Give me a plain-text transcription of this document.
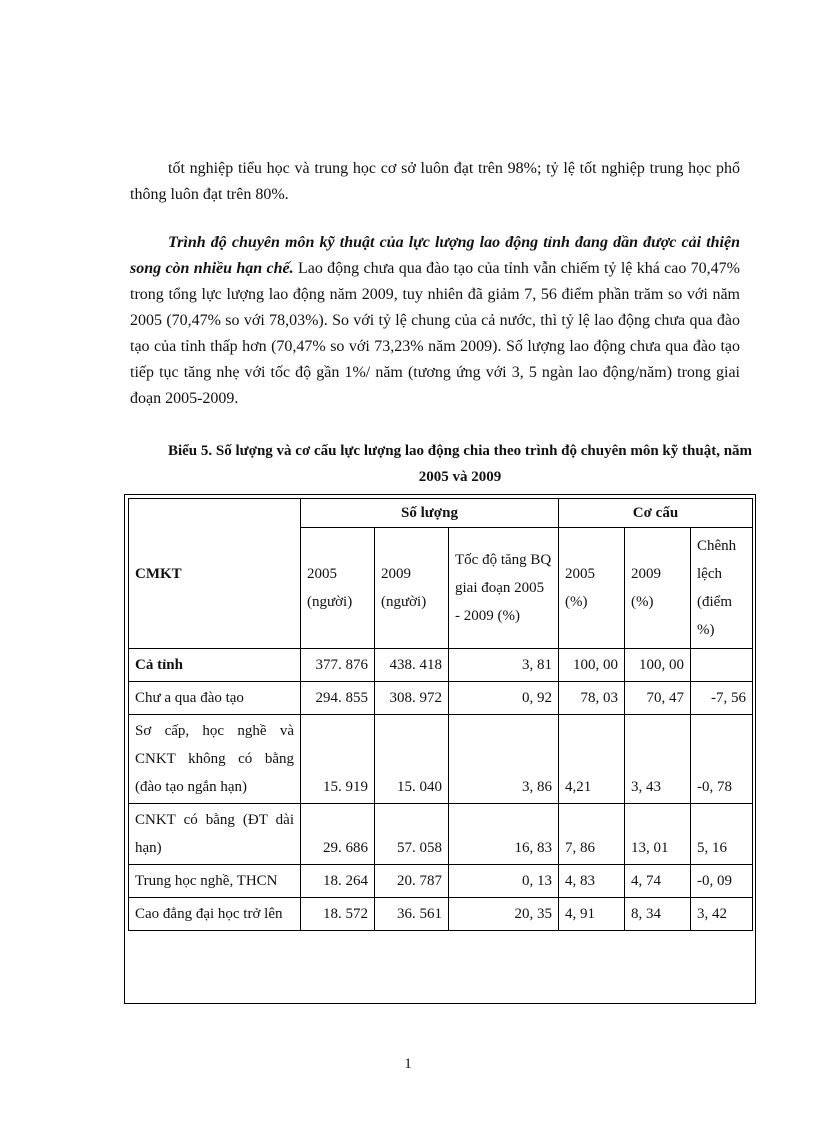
tốt nghiệp tiểu học và trung học cơ sở luôn đạt trên 98%; tỷ lệ tốt nghiệp trung học phổ thông luôn đạt trên 80%.
Trình độ chuyên môn kỹ thuật của lực lượng lao động tỉnh đang dần được cải thiện song còn nhiều hạn chế. Lao động chưa qua đào tạo của tỉnh vẫn chiếm tỷ lệ khá cao 70,47% trong tổng lực lượng lao động năm 2009, tuy nhiên đã giảm 7, 56 điểm phần trăm so với năm 2005 (70,47% so với 78,03%). So với tỷ lệ chung của cả nước, thì tỷ lệ lao động chưa qua đào tạo của tỉnh thấp hơn (70,47% so với 73,23% năm 2009). Số lượng lao động chưa qua đào tạo tiếp tục tăng nhẹ với tốc độ gần 1%/ năm (tương ứng với 3, 5 ngàn lao động/năm) trong giai đoạn 2005-2009.
Biểu 5. Số lượng và cơ cấu lực lượng lao động chia theo trình độ chuyên môn kỹ thuật, năm 2005 và 2009
CMKT	Số lượng			Cơ cấu		
	2005 (người)	2009 (người)	Tốc độ tăng BQ giai đoạn 2005 - 2009 (%)	2005 (%)	2009 (%)	Chênh lệch (điểm %)
Cả tỉnh	377. 876	438. 418	3, 81	100, 00	100, 00	
Chư a qua đào tạo	294. 855	308. 972	0, 92	78, 03	70, 47	-7, 56
Sơ cấp, học nghề và CNKT không có bằng (đào tạo ngắn hạn)	15. 919	15. 040	3, 86	4,21	3, 43	-0, 78
CNKT có bằng (ĐT dài hạn)	29. 686	57. 058	16, 83	7, 86	13, 01	5, 16
Trung học nghề, THCN	18. 264	20. 787	0, 13	4, 83	4, 74	-0, 09
Cao đẳng đại học trở lên	18. 572	36. 561	20, 35	4, 91	8, 34	3, 42
1
